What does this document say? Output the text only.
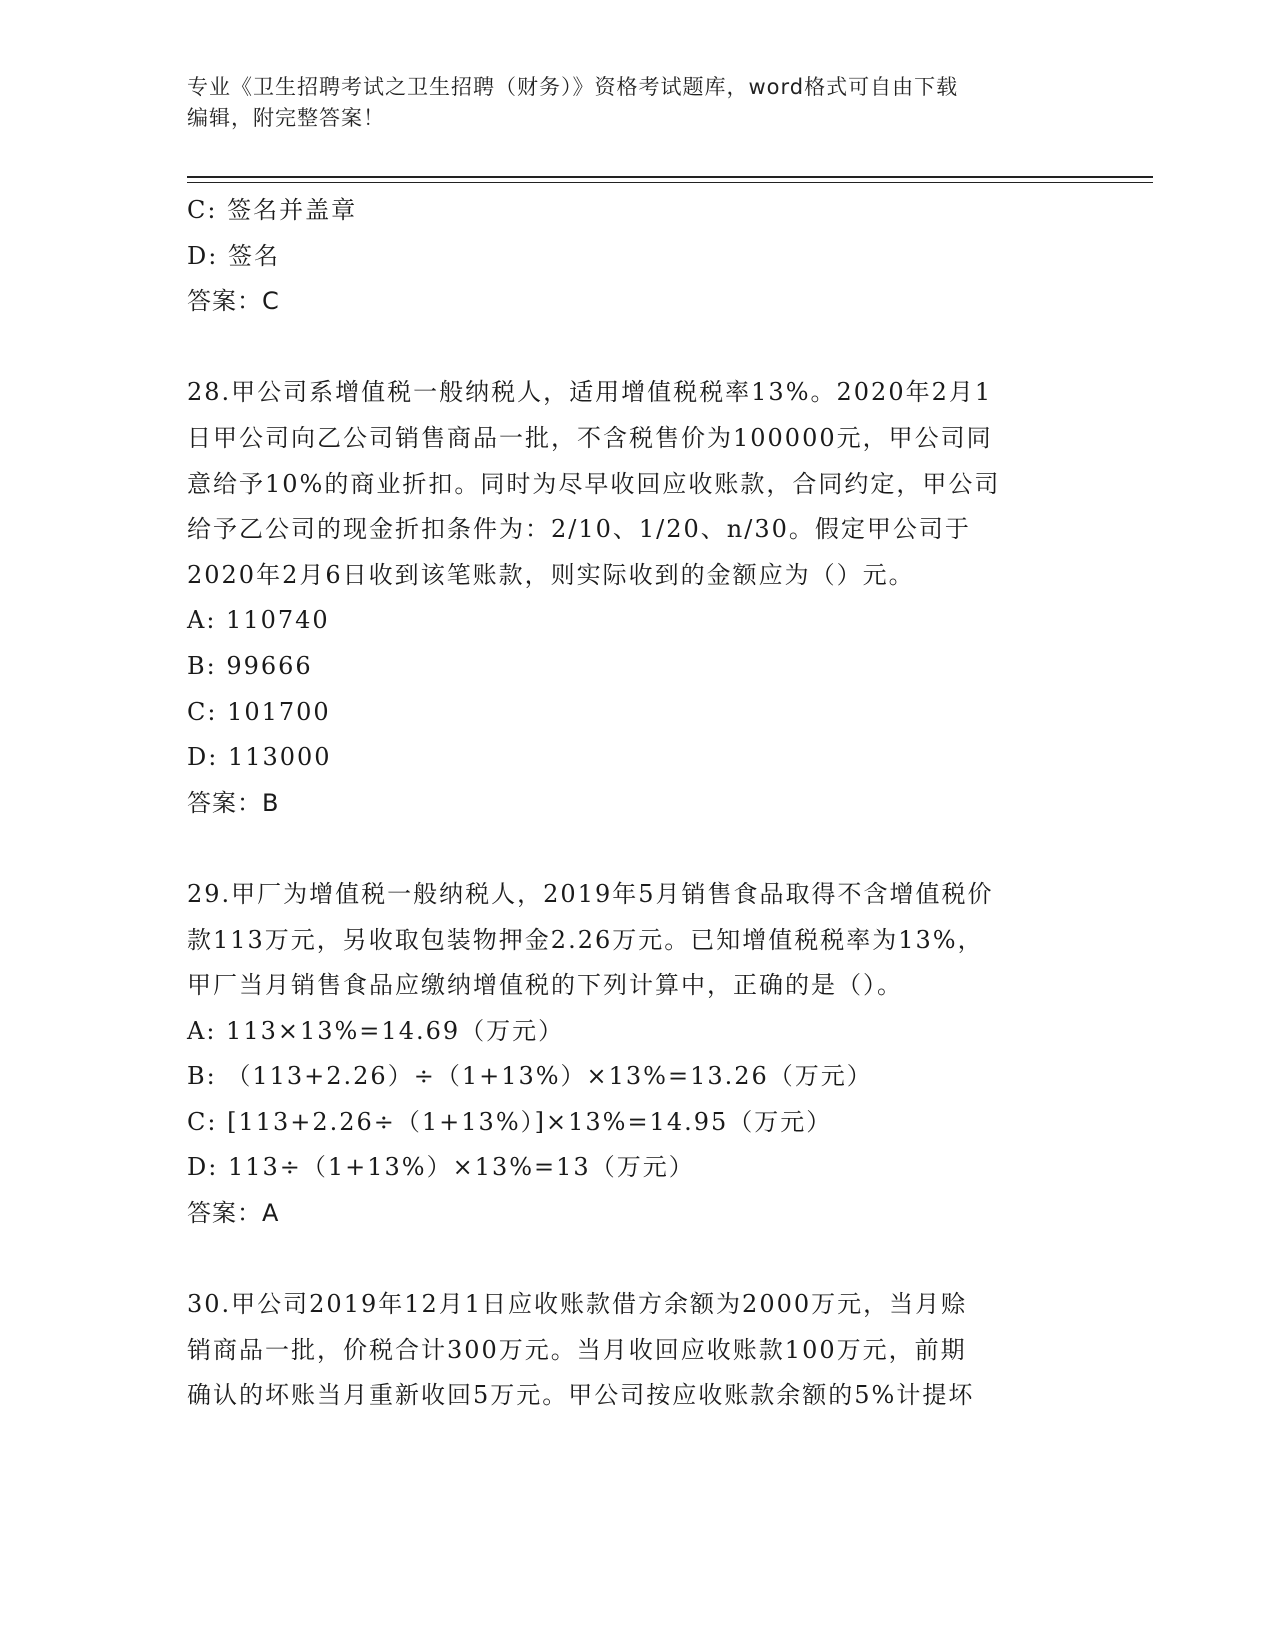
专业《卫生招聘考试之卫生招聘（财务）》资格考试题库，word格式可自由下载
编辑，附完整答案！
C: 签名并盖章
D: 签名
答案：C
28.甲公司系增值税一般纳税人，适用增值税税率13%。2020年2月1
日甲公司向乙公司销售商品一批，不含税售价为100000元，甲公司同
意给予10%的商业折扣。同时为尽早收回应收账款，合同约定，甲公司
给予乙公司的现金折扣条件为：2/10、1/20、n/30。假定甲公司于
2020年2月6日收到该笔账款，则实际收到的金额应为（）元。
A: 110740
B: 99666
C: 101700
D: 113000
答案：B
29.甲厂为增值税一般纳税人，2019年5月销售食品取得不含增值税价
款113万元，另收取包装物押金2.26万元。已知增值税税率为13%，
甲厂当月销售食品应缴纳增值税的下列计算中，正确的是（）。
A: 113×13%=14.69（万元）
B: （113+2.26）÷（1+13%）×13%=13.26（万元）
C: [113+2.26÷（1+13%）]×13%=14.95（万元）
D: 113÷（1+13%）×13%=13（万元）
答案：A
30.甲公司2019年12月1日应收账款借方余额为2000万元，当月赊
销商品一批，价税合计300万元。当月收回应收账款100万元，前期
确认的坏账当月重新收回5万元。甲公司按应收账款余额的5%计提坏
